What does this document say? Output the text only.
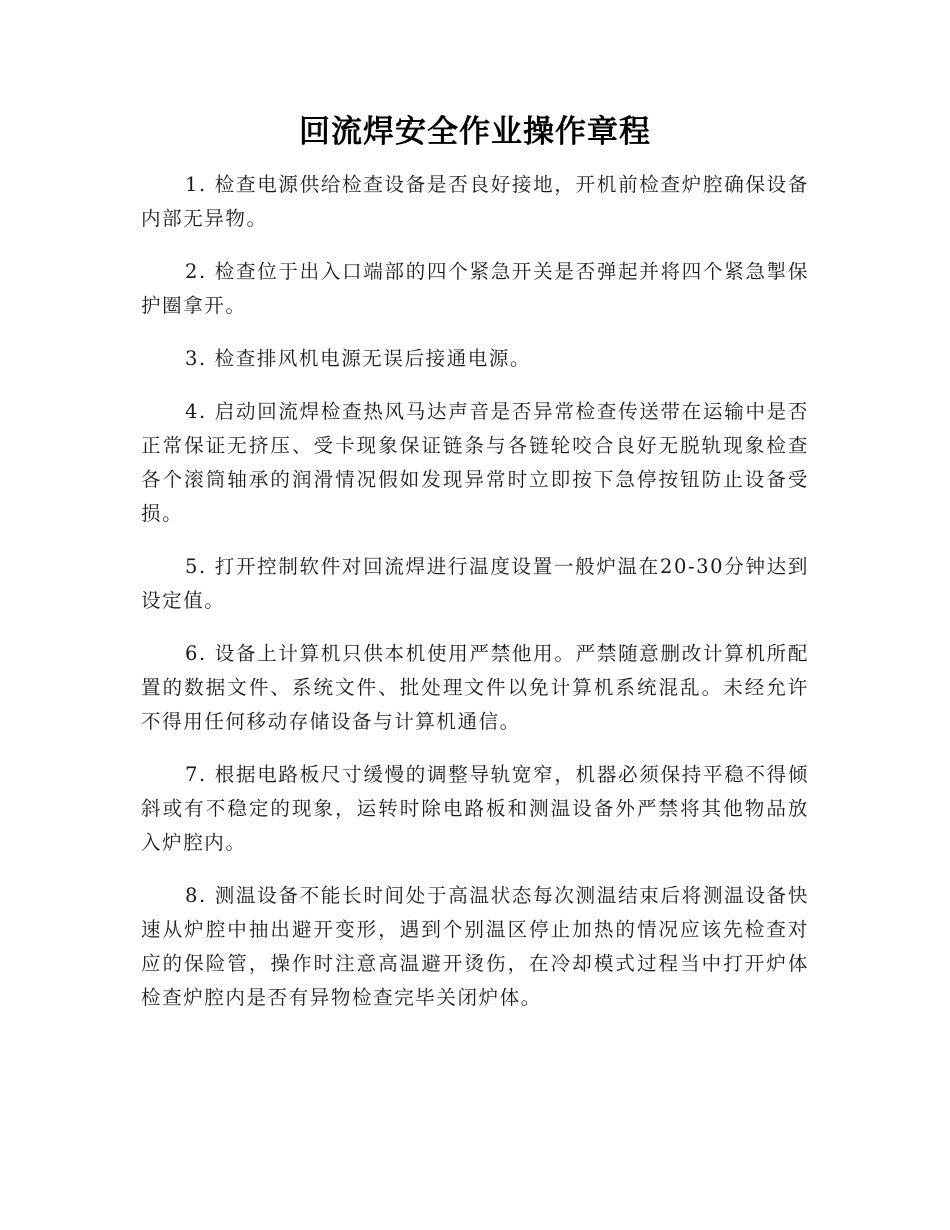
回流焊安全作业操作章程

1. 检查电源供给检查设备是否良好接地，开机前检查炉腔确保设备内部无异物。

2. 检查位于出入口端部的四个紧急开关是否弹起并将四个紧急掣保护圈拿开。

3. 检查排风机电源无误后接通电源。

4. 启动回流焊检查热风马达声音是否异常检查传送带在运输中是否正常保证无挤压、受卡现象保证链条与各链轮咬合良好无脱轨现象检查各个滚筒轴承的润滑情况假如发现异常时立即按下急停按钮防止设备受损。

5. 打开控制软件对回流焊进行温度设置一般炉温在20-30分钟达到设定值。

6. 设备上计算机只供本机使用严禁他用。严禁随意删改计算机所配置的数据文件、系统文件、批处理文件以免计算机系统混乱。未经允许不得用任何移动存储设备与计算机通信。

7. 根据电路板尺寸缓慢的调整导轨宽窄，机器必须保持平稳不得倾斜或有不稳定的现象，运转时除电路板和测温设备外严禁将其他物品放入炉腔内。

8. 测温设备不能长时间处于高温状态每次测温结束后将测温设备快速从炉腔中抽出避开变形，遇到个别温区停止加热的情况应该先检查对应的保险管，操作时注意高温避开烫伤，在冷却模式过程当中打开炉体检查炉腔内是否有异物检查完毕关闭炉体。
